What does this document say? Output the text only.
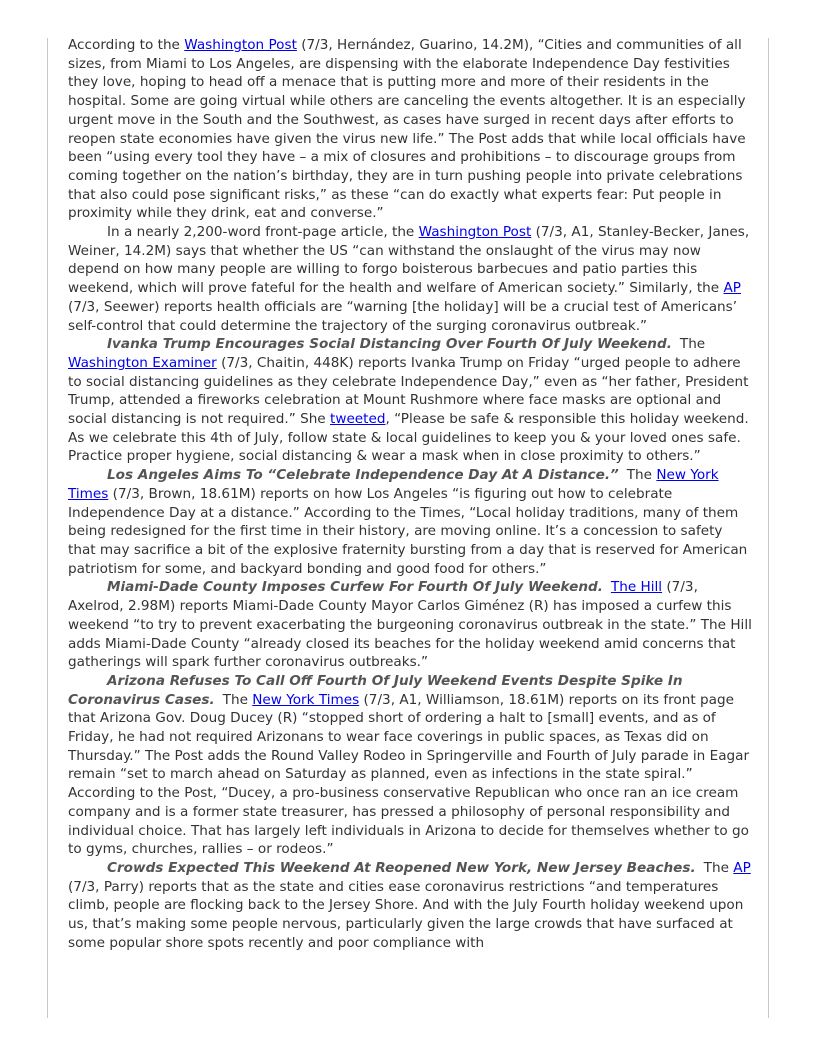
According to the Washington Post (7/3, Hernández, Guarino, 14.2M), “Cities and communities of all sizes, from Miami to Los Angeles, are dispensing with the elaborate Independence Day festivities they love, hoping to head off a menace that is putting more and more of their residents in the hospital. Some are going virtual while others are canceling the events altogether. It is an especially urgent move in the South and the Southwest, as cases have surged in recent days after efforts to reopen state economies have given the virus new life.” The Post adds that while local officials have been “using every tool they have – a mix of closures and prohibitions – to discourage groups from coming together on the nation’s birthday, they are in turn pushing people into private celebrations that also could pose significant risks,” as these “can do exactly what experts fear: Put people in proximity while they drink, eat and converse.”

In a nearly 2,200-word front-page article, the Washington Post (7/3, A1, Stanley-Becker, Janes, Weiner, 14.2M) says that whether the US “can withstand the onslaught of the virus may now depend on how many people are willing to forgo boisterous barbecues and patio parties this weekend, which will prove fateful for the health and welfare of American society.” Similarly, the AP (7/3, Seewer) reports health officials are “warning [the holiday] will be a crucial test of Americans’ self-control that could determine the trajectory of the surging coronavirus outbreak.”

Ivanka Trump Encourages Social Distancing Over Fourth Of July Weekend. The Washington Examiner (7/3, Chaitin, 448K) reports Ivanka Trump on Friday “urged people to adhere to social distancing guidelines as they celebrate Independence Day,” even as “her father, President Trump, attended a fireworks celebration at Mount Rushmore where face masks are optional and social distancing is not required.” She tweeted, “Please be safe & responsible this holiday weekend. As we celebrate this 4th of July, follow state & local guidelines to keep you & your loved ones safe. Practice proper hygiene, social distancing & wear a mask when in close proximity to others.”

Los Angeles Aims To “Celebrate Independence Day At A Distance.” The New York Times (7/3, Brown, 18.61M) reports on how Los Angeles “is figuring out how to celebrate Independence Day at a distance.” According to the Times, “Local holiday traditions, many of them being redesigned for the first time in their history, are moving online. It’s a concession to safety that may sacrifice a bit of the explosive fraternity bursting from a day that is reserved for American patriotism for some, and backyard bonding and good food for others.”

Miami-Dade County Imposes Curfew For Fourth Of July Weekend. The Hill (7/3, Axelrod, 2.98M) reports Miami-Dade County Mayor Carlos Giménez (R) has imposed a curfew this weekend “to try to prevent exacerbating the burgeoning coronavirus outbreak in the state.” The Hill adds Miami-Dade County “already closed its beaches for the holiday weekend amid concerns that gatherings will spark further coronavirus outbreaks.”

Arizona Refuses To Call Off Fourth Of July Weekend Events Despite Spike In Coronavirus Cases. The New York Times (7/3, A1, Williamson, 18.61M) reports on its front page that Arizona Gov. Doug Ducey (R) “stopped short of ordering a halt to [small] events, and as of Friday, he had not required Arizonans to wear face coverings in public spaces, as Texas did on Thursday.” The Post adds the Round Valley Rodeo in Springerville and Fourth of July parade in Eagar remain “set to march ahead on Saturday as planned, even as infections in the state spiral.” According to the Post, “Ducey, a pro-business conservative Republican who once ran an ice cream company and is a former state treasurer, has pressed a philosophy of personal responsibility and individual choice. That has largely left individuals in Arizona to decide for themselves whether to go to gyms, churches, rallies – or rodeos.”

Crowds Expected This Weekend At Reopened New York, New Jersey Beaches. The AP (7/3, Parry) reports that as the state and cities ease coronavirus restrictions “and temperatures climb, people are flocking back to the Jersey Shore. And with the July Fourth holiday weekend upon us, that’s making some people nervous, particularly given the large crowds that have surfaced at some popular shore spots recently and poor compliance with
